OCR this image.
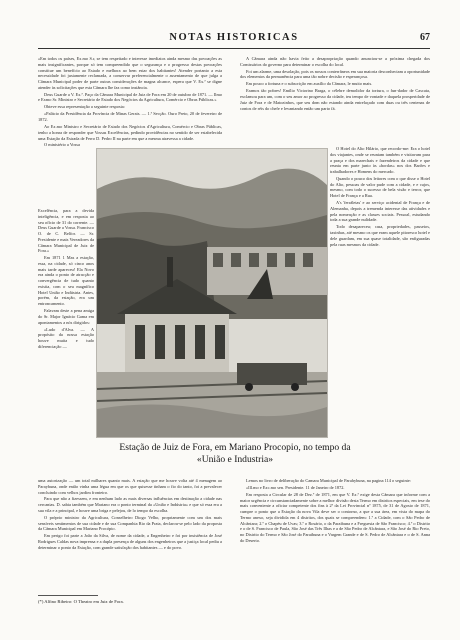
NOTAS HISTORICAS	67

«Em todos os países, Ex.mo S.r, se tem respeitado e interesse imediatos ainda mesmo das povoações as mais insignificantes, porque só tem compreendido que o segurança e o progresso destas povoações constitue um benefício ao Estado e melhora ao bem estar dos habitantes! Atender portanto a esta necessidade foi justamente reclamada, a conservar preferencialmente o assentamento de que julga a Câmara Municipal poder de parte outras considerações de magna alcance, espera que V. Ex.ª se digne atender às solicitações que esta Câmara lhe faz como instância.

Deus Guarde a V. Ex.ª. Paço da Câmara Municipal de Juiz de Fora em 20 de outubro de 1871. — Ilmo e Exmo Sr. Ministro e Secretário de Estado dos Negócios da Agricultura, Comércio e Obras Públicas.»

Obteve essa representação a seguinte resposta:

«Palácio da Presidência da Província de Minas Gerais. — 1.ª Secção. Ouro Preto, 20 de fevereiro de 1872.

Ao Ex.mo Ministro e Secretário de Estado dos Negócios d'Agricultura, Comércio e Obras Públicas, tenho a honra de responder que Vossas Excelências, pedindo providências no sentido de ser estabelecida uma Estação da Estrada de Ferro D. Pedro II na parte em que a mesma atravessa a cidade.

O ministério a Vossa

Excelência, para a devida inteligência, e em resposta ao seu ofício de 31 do corrente. — Deus Guarde a Vossa. Francisco O. de C. Belfor. — Sr. Presidente e mais Vereadores da Câmara Municipal de Juiz de Fora.»

Em 1871 1 Mas a estação, essa, na cidade, só cinco anos mais tarde apareceu! Ela Novo era ainda o ponto de atracção e convergência de tudo quanto existia, com o seu magnífico Hotel União e Indústria. Antes, porém, da estação, era um entroncamento.

Falavam deste a pena amiga do Sr. Major Ignácio Gama em apontamentos a nós dirigidos:

«Ludo d'Alva. — A propósito da nossa estação houve muita e tudo diferenciação —

A Câmara ainda não havia feito a desapropriação quando anunciou-se a próxima chegada dos Comissários do governo para determinar o escolha do local.

Foi um alarme, uma desolação, pois os nossos conterrâneos em sua maioria desconheciam a oportunidade dos elementos da permanência para uma tão nobre decisão e esperançosa.

Em pouco a fortuna e o subscrição em auxílio da Câmara, le muito mais.

Eramos tão pobres! Emílio Victorino Braga, o célebre demolidor da tortura, o fun-dador de Cascata, exclamou para um, com o seu amor ao progresso da cidade, teu tempo de vontade e daquela prosperidade de Juiz de Fora e de Matozinhos, que seu dom não estando ainda entrelaçado com duas ou três centenas de contos de réis do chefe e levantando então um parto fá.

O Hotel do Alto Hilário, que recordo-me: Era o hotel dos viajantes, onde se reuniam também e visitavam para a praça e dos marechais e fazendeiros da cidade e que reunia em parte junto às «bordas» nos dos Barões e trabalhadores e Homens do mercado.

Quando o pouco dos leitores com o que disse o Hotel do Alto, pessoas de valor pude com a cidade, e e cujos, mesmo, com todo o sucesso de bela visão e terror, que Hotel de França e a Rua.

A's 'ferráletas' e ao serviço acidental de França e de Alemanha, depois a tremenda interesse das atividades e pela nomeação e as classes sociais. Pessoal, estudando toda a sua grande nulidade.

Todo desapareceu; casa, propriedades, passeios, taxinhas, até mesmo os que eram aquele pitoresco hotel e dele guardam, em sua quase totalidade, são enfiguradas pela ruas mesmos da cidade.

Estação de Juiz de Fora, em Mariano Procopio, no tempo da
«União e Industria»

uma autorização — um total milhares quanto mais. A estação que me houve volta até 4 menagem ao Paraybuna, onde então vinha uma légua em que os que quisesse tinham o fio do tanto, foi a prevalecer concluindo com velhos jardim fronteiro.

Para que não a fizessem, e em nenhum lado as mais diversas influências em destinação a cidade nas cercanias. D. sabia também que Mariano era o ponto terminal da «União e Indústria» e que só essa era a sua vila e a principal, e houve uma briga e pelejou, de lo tempo da escolha.

O próprio ministro da Agricultura, Conselheiro Diogo Velho, propriamente com um dos mais sensíveis sentimentos de sua cidade e de sua Companhia Rio da Prata, declarou-se pelo lado da proposta da Câmara Municipal em Mariano Procópio.

Em perigo foi parte a João da Silva, de nome da cidade, a Engenheiro e foi por insistência de José Rodrigues Caldas nova imprensa e a dupla presença de alguns dos engenheiros que a justiça local pediu a determinar o ponto da Estação, com grande satisfação dos habitantes — e do povo.

(*) Alfino Ribeiro: O Theatro em Juiz de Fora.

Lemos no livro de deliberação do Camara Municipal de Parahybuna, na pagina 114 o seguinte:

«Ill.mo e Exc.mo sen. Presidente. 11 de Janeiro de 1872.

Em resposta a Circular de 28 de Dez.º de 1871, em que V. Ex.ª exige desta Câmara que informe com a maior urgência e circunstanciadamente sobre a melhor divisão desta Termo em distritos especiais, em tese do mais conveniente a oficiar competente dos fins à 2ª da Lei Provincial nº 1875, de 31 de Agosto de 1871, cumpre o ponto que a Estação da nova Vila deve ser o contorno, a que a sua área, em vista do mapa do Termo anexo, seja dividida em 4 distritos, dos quais se compreendem: 1.º a Cidade, com o São Pedro de Alcântara; 2.º o Chapéu de Uvas; 3.º o Rosário, o da Paraibuna e a Freguesia de São Francisco; 4.º o Distrito e o de S. Francisco de Paula, São José das Três Ilhas e a de São Pedro de Alcântara, e São José do Rio Preto, no Distrito do Termo e São José do Paraibuna e o Vargem Grande e de S. Pedro de Alcântara e o de S. Anna do Deserto.
